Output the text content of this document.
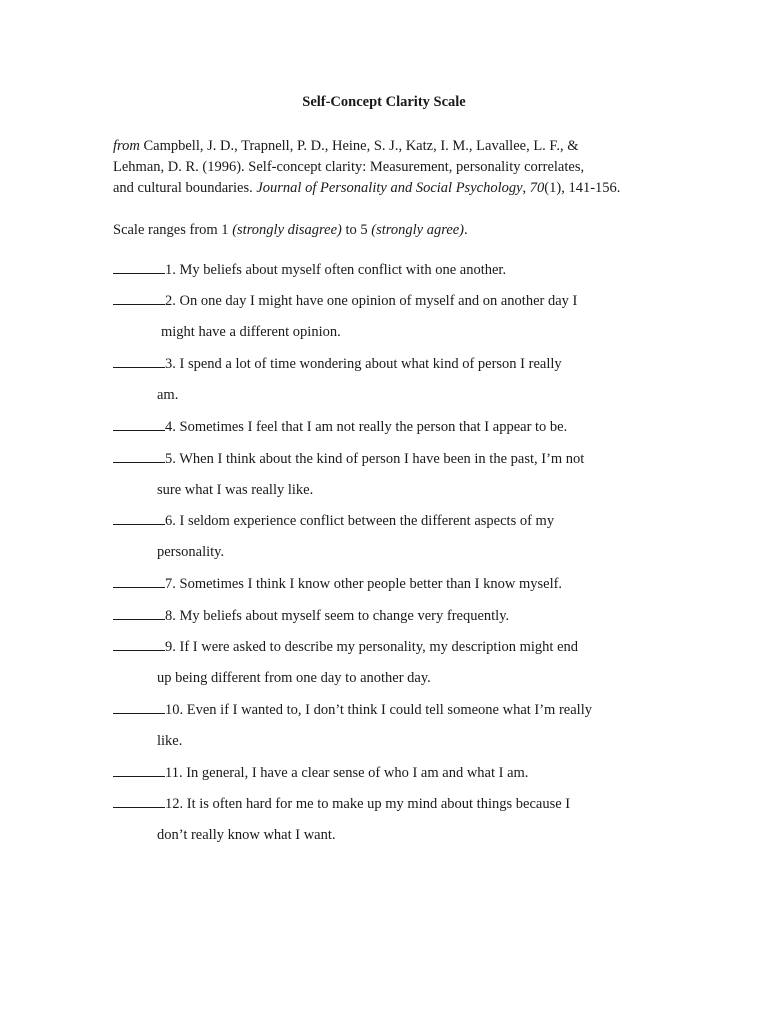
Self-Concept Clarity Scale
from Campbell, J. D., Trapnell, P. D., Heine, S. J., Katz, I. M., Lavallee, L. F., &
Lehman, D. R. (1996). Self-concept clarity: Measurement, personality correlates,
and cultural boundaries. Journal of Personality and Social Psychology, 70(1), 141-156.
Scale ranges from 1 (strongly disagree) to 5 (strongly agree).
1. My beliefs about myself often conflict with one another.
2. On one day I might have one opinion of myself and on another day I
might have a different opinion.
3. I spend a lot of time wondering about what kind of person I really
am.
4. Sometimes I feel that I am not really the person that I appear to be.
5. When I think about the kind of person I have been in the past, I’m not
sure what I was really like.
6. I seldom experience conflict between the different aspects of my
personality.
7. Sometimes I think I know other people better than I know myself.
8. My beliefs about myself seem to change very frequently.
9. If I were asked to describe my personality, my description might end
up being different from one day to another day.
10. Even if I wanted to, I don’t think I could tell someone what I’m really
like.
11. In general, I have a clear sense of who I am and what I am.
12. It is often hard for me to make up my mind about things because I
don’t really know what I want.
